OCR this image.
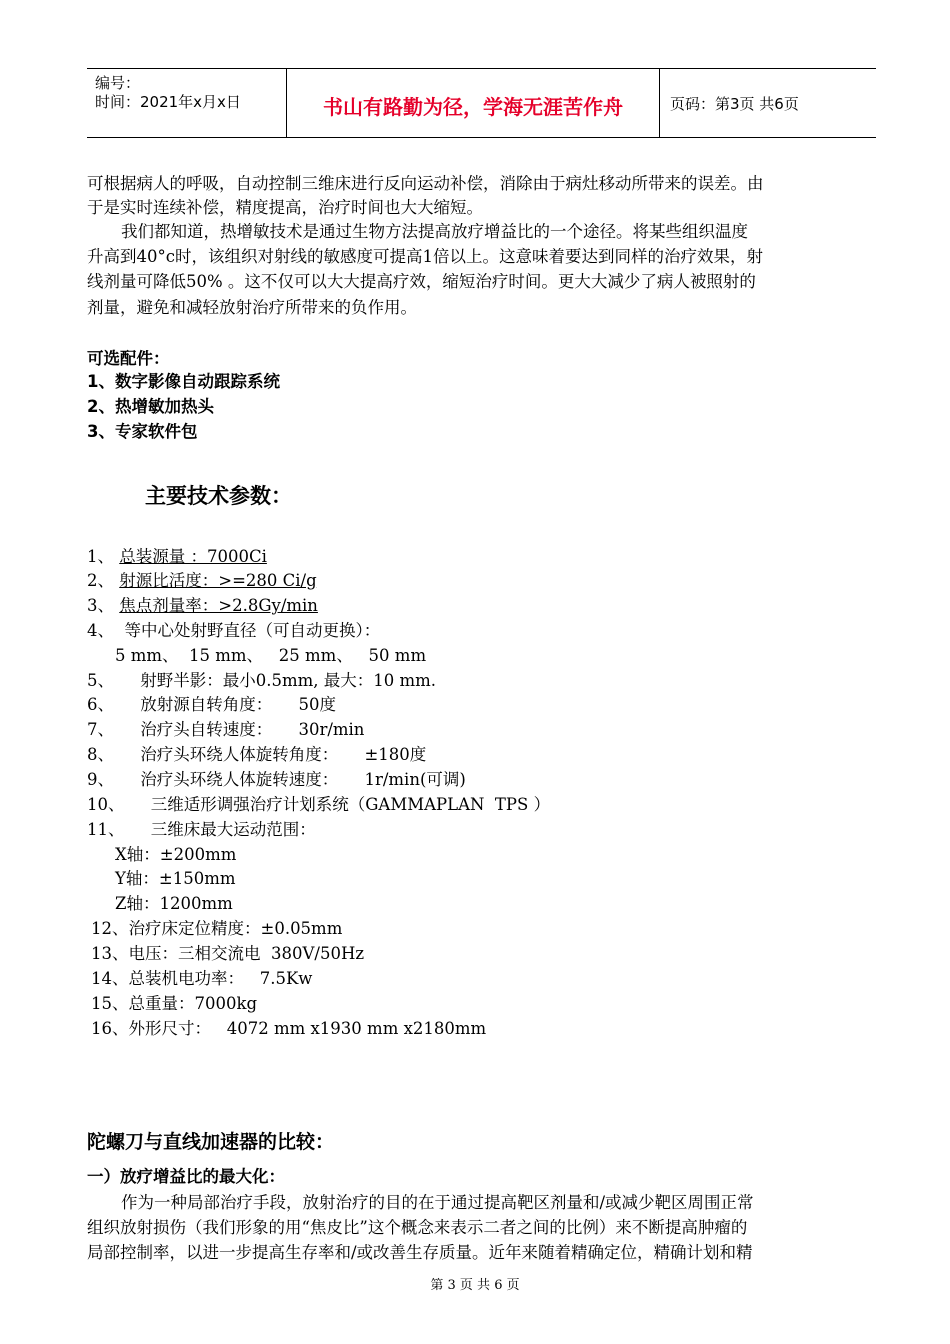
编号：
时间：2021年x月x日	书山有路勤为径，学海无涯苦作舟	页码：第3页 共6页
可根据病人的呼吸，自动控制三维床进行反向运动补偿，消除由于病灶移动所带来的误差。由
于是实时连续补偿，精度提高，治疗时间也大大缩短。
我们都知道，热增敏技术是通过生物方法提高放疗增益比的一个途径。将某些组织温度
升高到40°c时，该组织对射线的敏感度可提高1倍以上。这意味着要达到同样的治疗效果，射
线剂量可降低50% 。这不仅可以大大提高疗效，缩短治疗时间。更大大减少了病人被照射的
剂量，避免和减轻放射治疗所带来的负作用。
可选配件：
1、数字影像自动跟踪系统
2、热增敏加热头
3、专家软件包
主要技术参数：
1、 总装源量 ：7000Ci
2、 射源比活度：>=280 Ci/g
3、 焦点剂量率：>2.8Gy/min
4、  等中心处射野直径（可自动更换）：
5 mm、  15 mm、   25 mm、   50 mm
5、     射野半影：最小0.5mm, 最大：10 mm.
6、     放射源自转角度：     50度
7、     治疗头自转速度：     30r/min
8、     治疗头环绕人体旋转角度：     ±180度
9、     治疗头环绕人体旋转速度：     1r/min(可调)
10、     三维适形调强治疗计划系统（GAMMAPLAN  TPS ）
11、     三维床最大运动范围：
X轴：±200mm
Y轴：±150mm
Z轴：1200mm
12、治疗床定位精度：±0.05mm
13、电压：三相交流电  380V/50Hz
14、总装机电功率：   7.5Kw
15、总重量：7000kg
16、外形尺寸：   4072 mm x1930 mm x2180mm
陀螺刀与直线加速器的比较：
一）放疗增益比的最大化：
作为一种局部治疗手段，放射治疗的目的在于通过提高靶区剂量和/或减少靶区周围正常
组织放射损伤（我们形象的用“焦皮比”这个概念来表示二者之间的比例）来不断提高肿瘤的
局部控制率，以进一步提高生存率和/或改善生存质量。近年来随着精确定位，精确计划和精
第 3 页 共 6 页
